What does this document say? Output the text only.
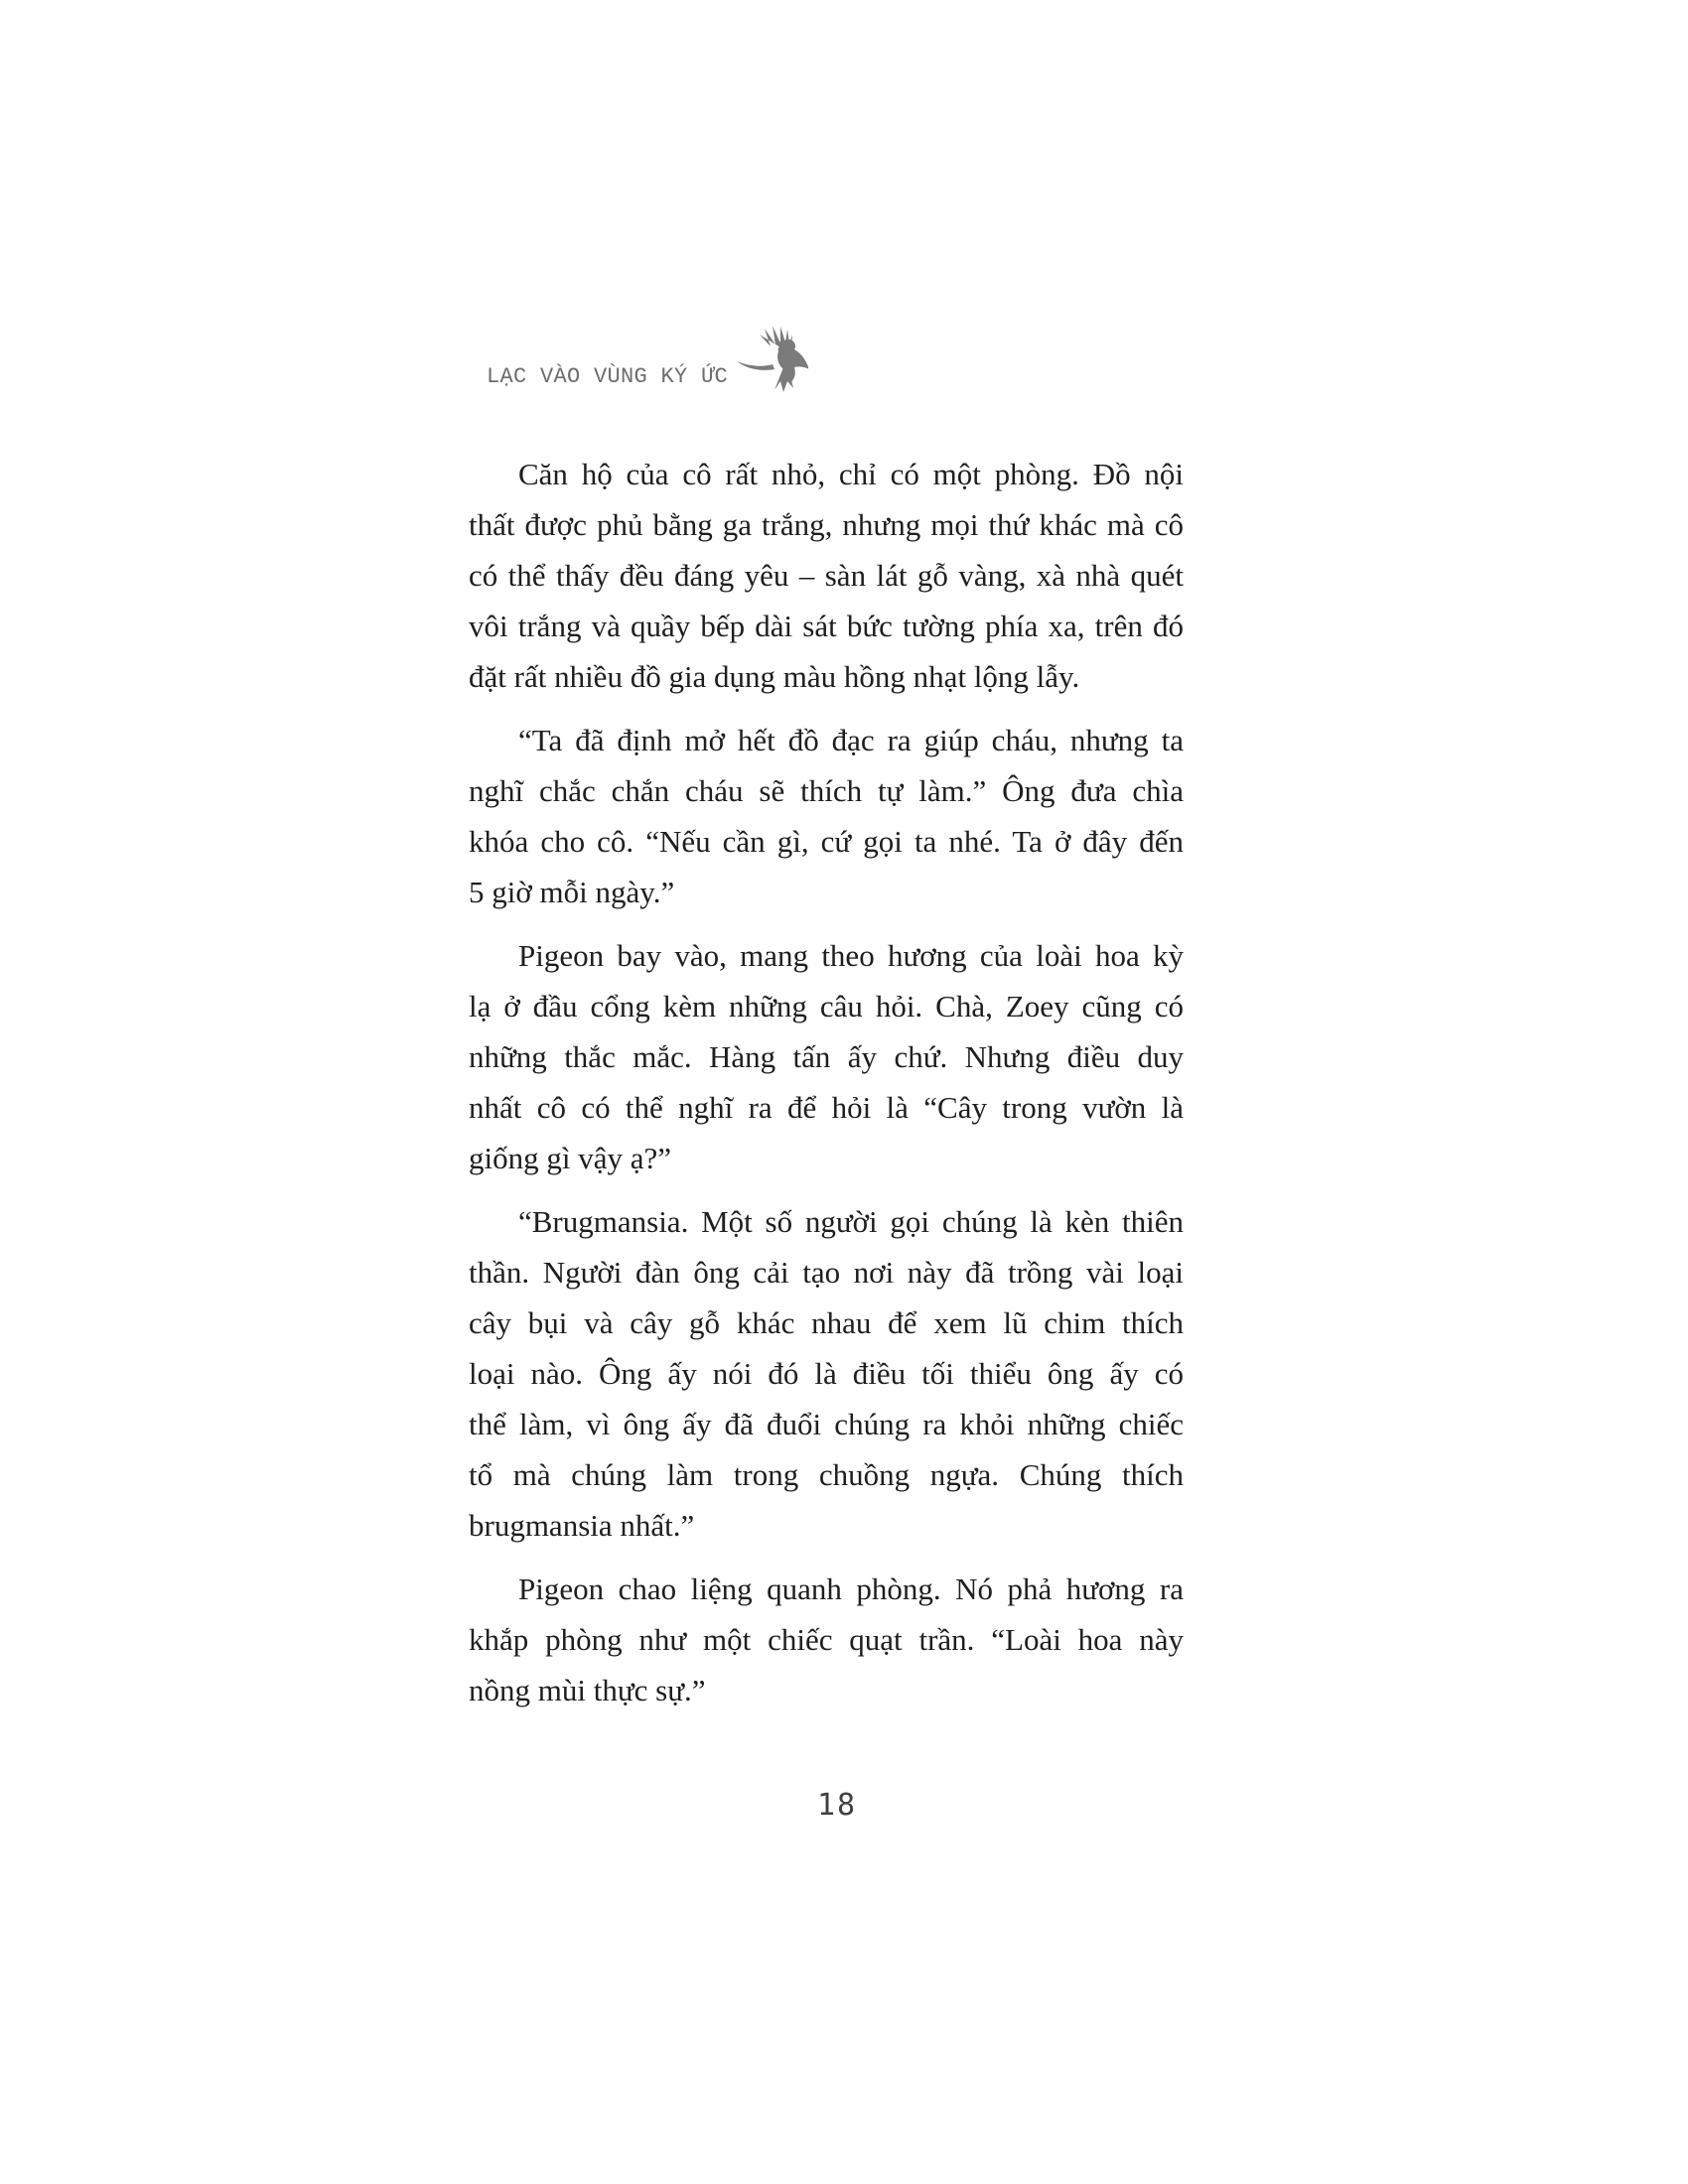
LẠC VÀO VÙNG KÝ ỨC
Căn hộ của cô rất nhỏ, chỉ có một phòng. Đồ nội
thất được phủ bằng ga trắng, nhưng mọi thứ khác mà cô
có thể thấy đều đáng yêu – sàn lát gỗ vàng, xà nhà quét
vôi trắng và quầy bếp dài sát bức tường phía xa, trên đó
đặt rất nhiều đồ gia dụng màu hồng nhạt lộng lẫy.
“Ta đã định mở hết đồ đạc ra giúp cháu, nhưng ta
nghĩ chắc chắn cháu sẽ thích tự làm.” Ông đưa chìa
khóa cho cô. “Nếu cần gì, cứ gọi ta nhé. Ta ở đây đến
5 giờ mỗi ngày.”
Pigeon bay vào, mang theo hương của loài hoa kỳ
lạ ở đầu cổng kèm những câu hỏi. Chà, Zoey cũng có
những thắc mắc. Hàng tấn ấy chứ. Nhưng điều duy
nhất cô có thể nghĩ ra để hỏi là “Cây trong vườn là
giống gì vậy ạ?”
“Brugmansia. Một số người gọi chúng là kèn thiên
thần. Người đàn ông cải tạo nơi này đã trồng vài loại
cây bụi và cây gỗ khác nhau để xem lũ chim thích
loại nào. Ông ấy nói đó là điều tối thiểu ông ấy có
thể làm, vì ông ấy đã đuổi chúng ra khỏi những chiếc
tổ mà chúng làm trong chuồng ngựa. Chúng thích
brugmansia nhất.”
Pigeon chao liệng quanh phòng. Nó phả hương ra
khắp phòng như một chiếc quạt trần. “Loài hoa này
nồng mùi thực sự.”
18
